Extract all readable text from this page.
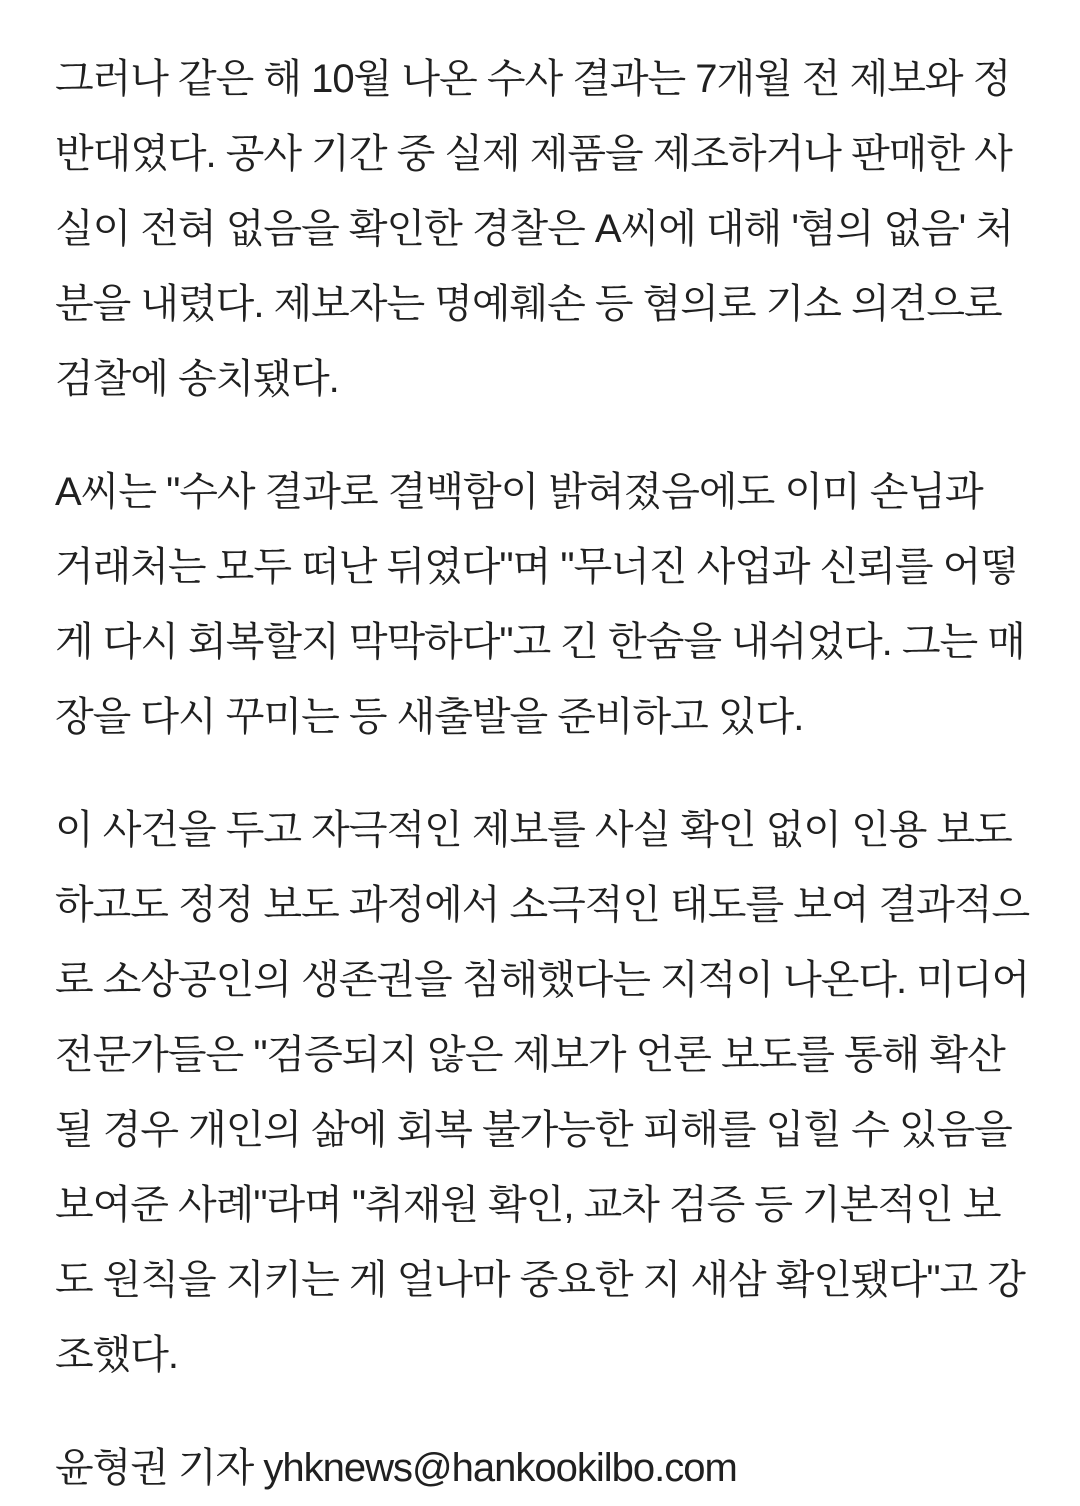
그러나 같은 해 10월 나온 수사 결과는 7개월 전 제보와 정반대였다. 공사 기간 중 실제 제품을 제조하거나 판매한 사실이 전혀 없음을 확인한 경찰은 A씨에 대해 '혐의 없음' 처분을 내렸다. 제보자는 명예훼손 등 혐의로 기소 의견으로 검찰에 송치됐다.

A씨는 "수사 결과로 결백함이 밝혀졌음에도 이미 손님과 거래처는 모두 떠난 뒤였다"며 "무너진 사업과 신뢰를 어떻게 다시 회복할지 막막하다"고 긴 한숨을 내쉬었다. 그는 매장을 다시 꾸미는 등 새출발을 준비하고 있다.

이 사건을 두고 자극적인 제보를 사실 확인 없이 인용 보도하고도 정정 보도 과정에서 소극적인 태도를 보여 결과적으로 소상공인의 생존권을 침해했다는 지적이 나온다. 미디어 전문가들은 "검증되지 않은 제보가 언론 보도를 통해 확산될 경우 개인의 삶에 회복 불가능한 피해를 입힐 수 있음을 보여준 사례"라며 "취재원 확인, 교차 검증 등 기본적인 보도 원칙을 지키는 게 얼나마 중요한 지 새삼 확인됐다"고 강조했다.

윤형권 기자 yhknews@hankookilbo.com
